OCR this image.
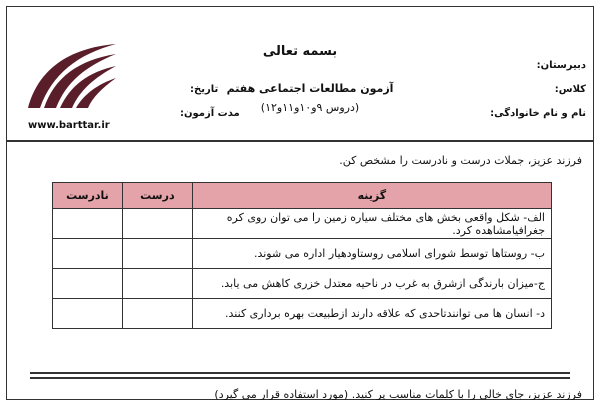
www.barttar.ir
بسمه تعالی
آزمون مطالعات اجتماعی هفتم
(دروس ۹و۱۰و۱۱و۱۲)
دبیرستان:
کلاس:
نام و نام خانوادگی:
تاریخ:
مدت آزمون:
فرزند عزیز، جملات درست و نادرست را مشخص کن.
گزینه	درست	نادرست
الف- شکل واقعی بخش های مختلف سیاره زمین را می توان روی کره جغرافیامشاهده کرد.		
ب- روستاها توسط شورای اسلامی روستاودهیار اداره می شوند.		
ج-میزان بارندگی ازشرق به غرب در ناحیه معتدل خزری کاهش می یابد.		
د- انسان ها می توانندتاحدی که علاقه دارند ازطبیعت بهره برداری کنند.		
فرزند عزیز، جای خالی را با کلمات مناسب پر کنید. (مورد استفاده قرار می گیرد)
